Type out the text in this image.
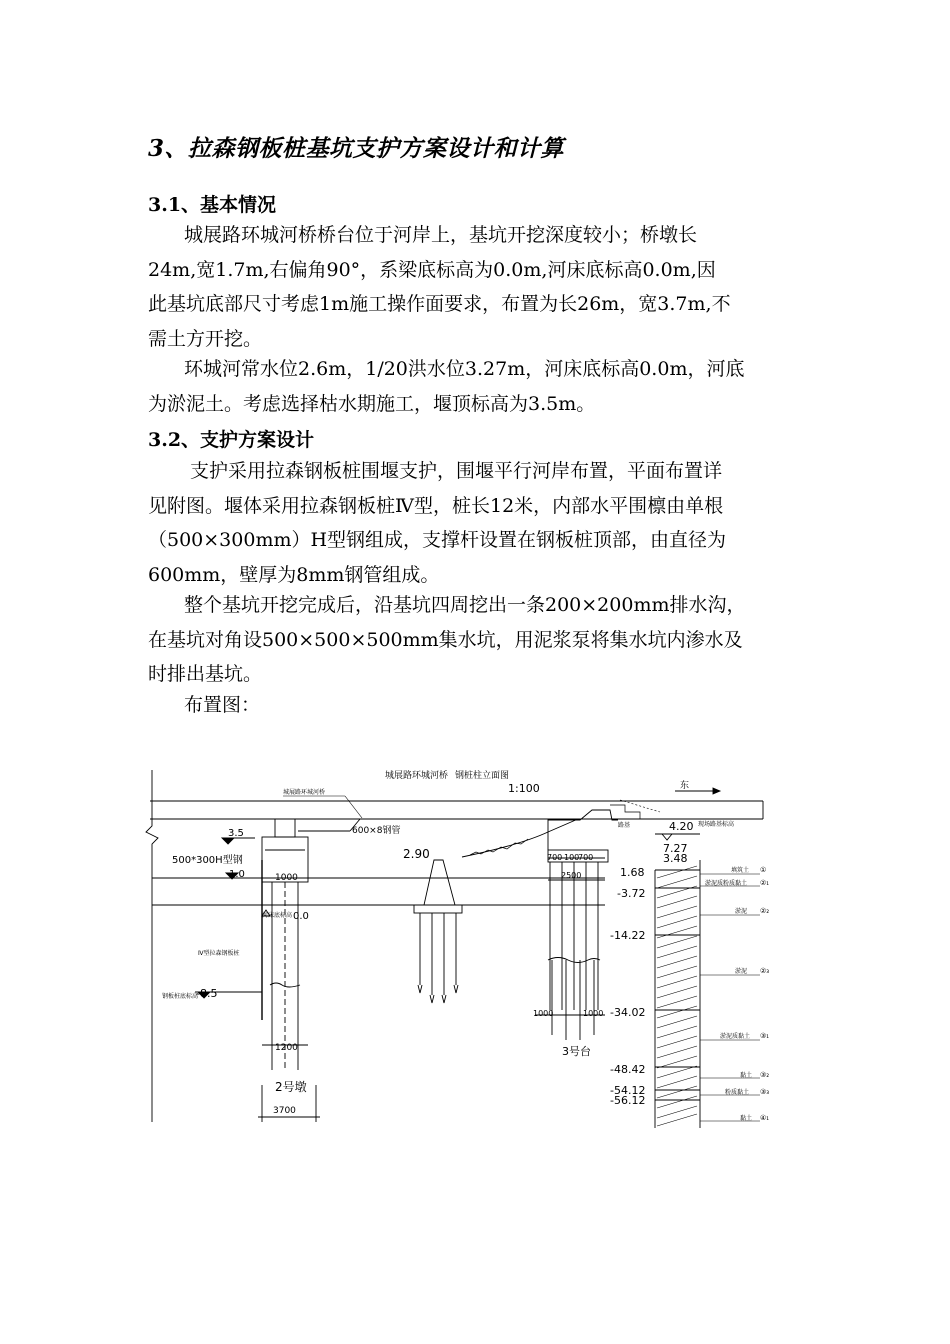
3、拉森钢板桩基坑支护方案设计和计算
3.1、基本情况
城展路环城河桥桥台位于河岸上，基坑开挖深度较小；桥墩长
24m,宽1.7m,右偏角90°，系梁底标高为0.0m,河床底标高0.0m,因
此基坑底部尺寸考虑1m施工操作面要求，布置为长26m，宽3.7m,不
需土方开挖。
环城河常水位2.6m，1/20洪水位3.27m，河床底标高0.0m，河底
为淤泥土。考虑选择枯水期施工，堰顶标高为3.5m。
3.2、支护方案设计
支护采用拉森钢板桩围堰支护，围堰平行河岸布置，平面布置详
见附图。堰体采用拉森钢板桩Ⅳ型，桩长12米，内部水平围檩由单根
（500×300mm）H型钢组成，支撑杆设置在钢板桩顶部，由直径为
600mm，壁厚为8mm钢管组成。
整个基坑开挖完成后，沿基坑四周挖出一条200×200mm排水沟，
在基坑对角设500×500×500mm集水坑，用泥浆泵将集水坑内渗水及
时排出基坑。
布置图：
城展路环城河桥 钢桩柱立面图
1:100
城展路环城河桥
东
600×8钢管
500*300H型钢
3.5
1.0
0.0
河床底标高
Ⅳ型拉森钢板桩
钢板桩底标高
-8.5
2.90
1000
1200
2号墩
3700
700 100
700
2500
1000	1000
3号台
路基	4.20
7.27
3.48
现场路基标高
1.68
-3.72
-14.22
-34.02
-48.42
-54.12
-56.12
填筑土 ①
淤泥质粉质黏土 ②₁
淤泥 ②₂
淤泥 ②₃
淤泥质黏土 ③₁
黏土 ③₂
粉质黏土 ③₃
黏土 ④₁
